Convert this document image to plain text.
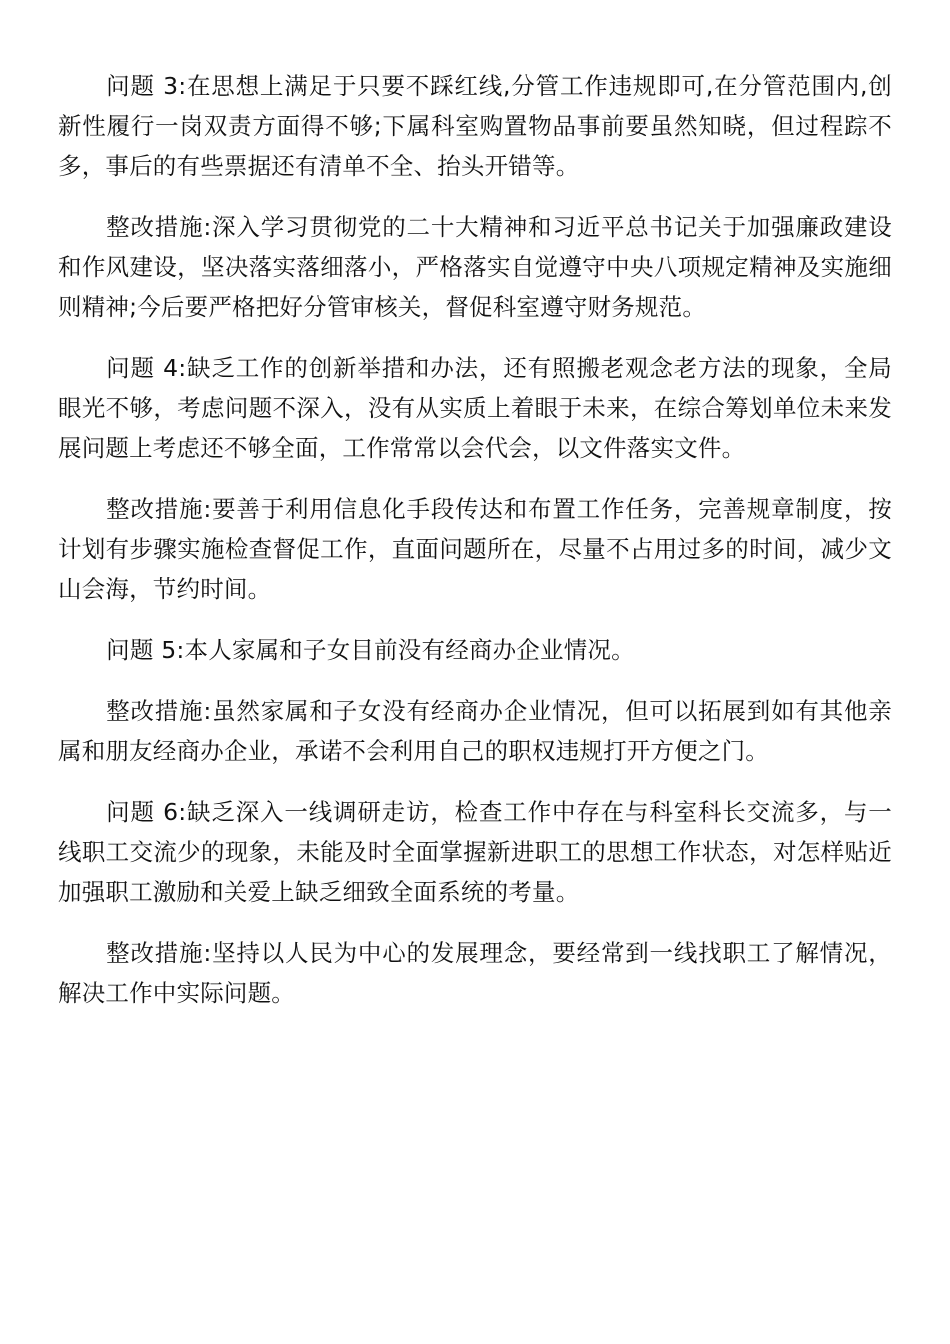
问题 3:在思想上满足于只要不踩红线,分管工作违规即可,在分管范围内,创新性履行一岗双责方面得不够;下属科室购置物品事前要虽然知晓，但过程踪不多，事后的有些票据还有清单不全、抬头开错等。

整改措施:深入学习贯彻党的二十大精神和习近平总书记关于加强廉政建设和作风建设，坚决落实落细落小，严格落实自觉遵守中央八项规定精神及实施细则精神;今后要严格把好分管审核关，督促科室遵守财务规范。

问题 4:缺乏工作的创新举措和办法，还有照搬老观念老方法的现象，全局眼光不够，考虑问题不深入，没有从实质上着眼于未来，在综合筹划单位未来发展问题上考虑还不够全面，工作常常以会代会，以文件落实文件。

整改措施:要善于利用信息化手段传达和布置工作任务，完善规章制度，按计划有步骤实施检查督促工作，直面问题所在，尽量不占用过多的时间，减少文山会海，节约时间。

问题 5:本人家属和子女目前没有经商办企业情况。

整改措施:虽然家属和子女没有经商办企业情况，但可以拓展到如有其他亲属和朋友经商办企业，承诺不会利用自己的职权违规打开方便之门。

问题 6:缺乏深入一线调研走访，检查工作中存在与科室科长交流多，与一线职工交流少的现象，未能及时全面掌握新进职工的思想工作状态，对怎样贴近加强职工激励和关爱上缺乏细致全面系统的考量。

整改措施:坚持以人民为中心的发展理念，要经常到一线找职工了解情况，解决工作中实际问题。
